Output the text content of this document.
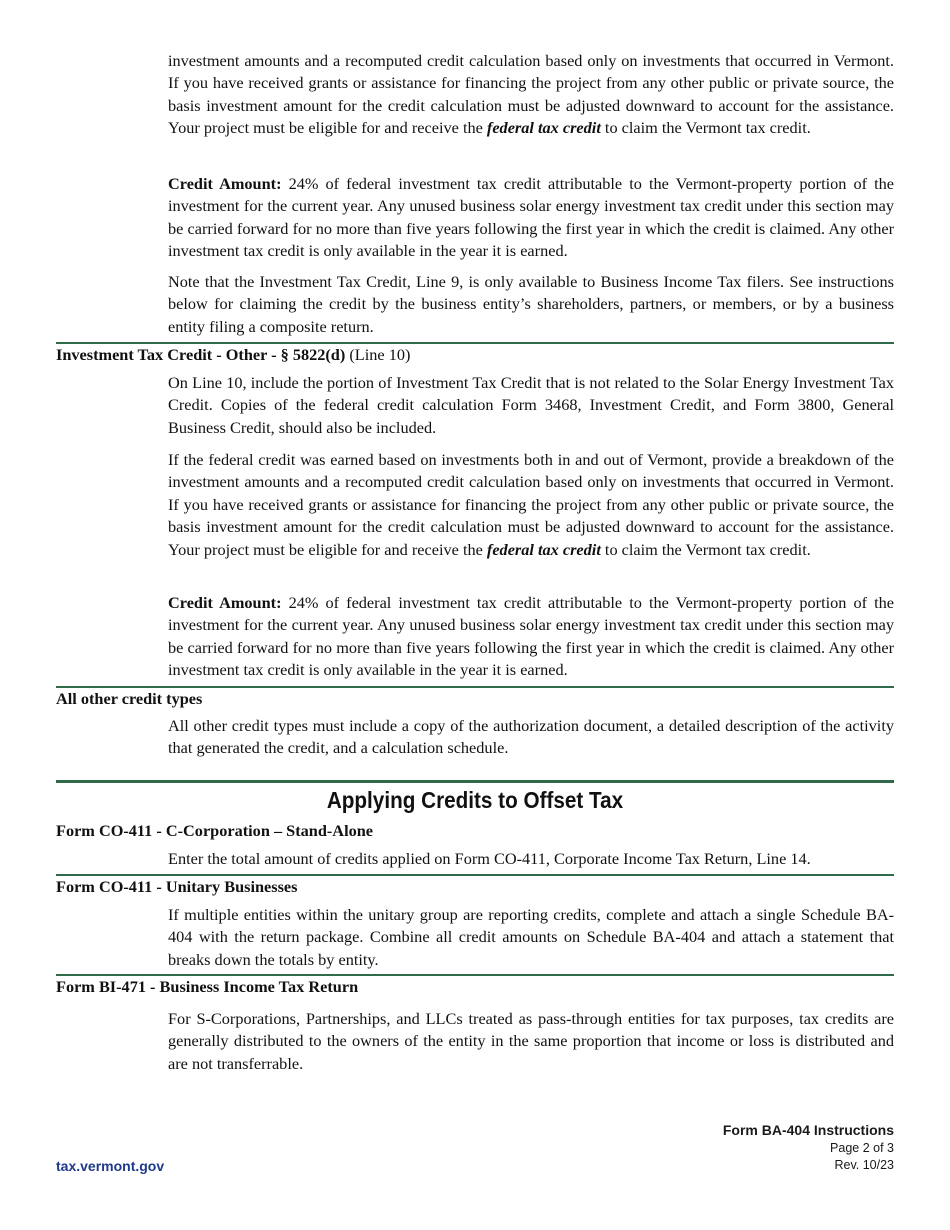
investment amounts and a recomputed credit calculation based only on investments that occurred in Vermont. If you have received grants or assistance for financing the project from any other public or private source, the basis investment amount for the credit calculation must be adjusted downward to account for the assistance. Your project must be eligible for and receive the federal tax credit to claim the Vermont tax credit.

Credit Amount: 24% of federal investment tax credit attributable to the Vermont-property portion of the investment for the current year. Any unused business solar energy investment tax credit under this section may be carried forward for no more than five years following the first year in which the credit is claimed. Any other investment tax credit is only available in the year it is earned.

Note that the Investment Tax Credit, Line 9, is only available to Business Income Tax filers. See instructions below for claiming the credit by the business entity’s shareholders, partners, or members, or by a business entity filing a composite return.

Investment Tax Credit - Other - § 5822(d) (Line 10)

On Line 10, include the portion of Investment Tax Credit that is not related to the Solar Energy Investment Tax Credit. Copies of the federal credit calculation Form 3468, Investment Credit, and Form 3800, General Business Credit, should also be included.

If the federal credit was earned based on investments both in and out of Vermont, provide a breakdown of the investment amounts and a recomputed credit calculation based only on investments that occurred in Vermont. If you have received grants or assistance for financing the project from any other public or private source, the basis investment amount for the credit calculation must be adjusted downward to account for the assistance. Your project must be eligible for and receive the federal tax credit to claim the Vermont tax credit.

Credit Amount: 24% of federal investment tax credit attributable to the Vermont-property portion of the investment for the current year. Any unused business solar energy investment tax credit under this section may be carried forward for no more than five years following the first year in which the credit is claimed. Any other investment tax credit is only available in the year it is earned.

All other credit types

All other credit types must include a copy of the authorization document, a detailed description of the activity that generated the credit, and a calculation schedule.

Applying Credits to Offset Tax

Form CO-411 - C-Corporation – Stand-Alone

Enter the total amount of credits applied on Form CO-411, Corporate Income Tax Return, Line 14.

Form CO-411 - Unitary Businesses

If multiple entities within the unitary group are reporting credits, complete and attach a single Schedule BA-404 with the return package. Combine all credit amounts on Schedule BA-404 and attach a statement that breaks down the totals by entity.

Form BI-471 - Business Income Tax Return

For S-Corporations, Partnerships, and LLCs treated as pass-through entities for tax purposes, tax credits are generally distributed to the owners of the entity in the same proportion that income or loss is distributed and are not transferrable.

Form BA-404 Instructions

Page 2 of 3

Rev. 10/23

tax.vermont.gov
